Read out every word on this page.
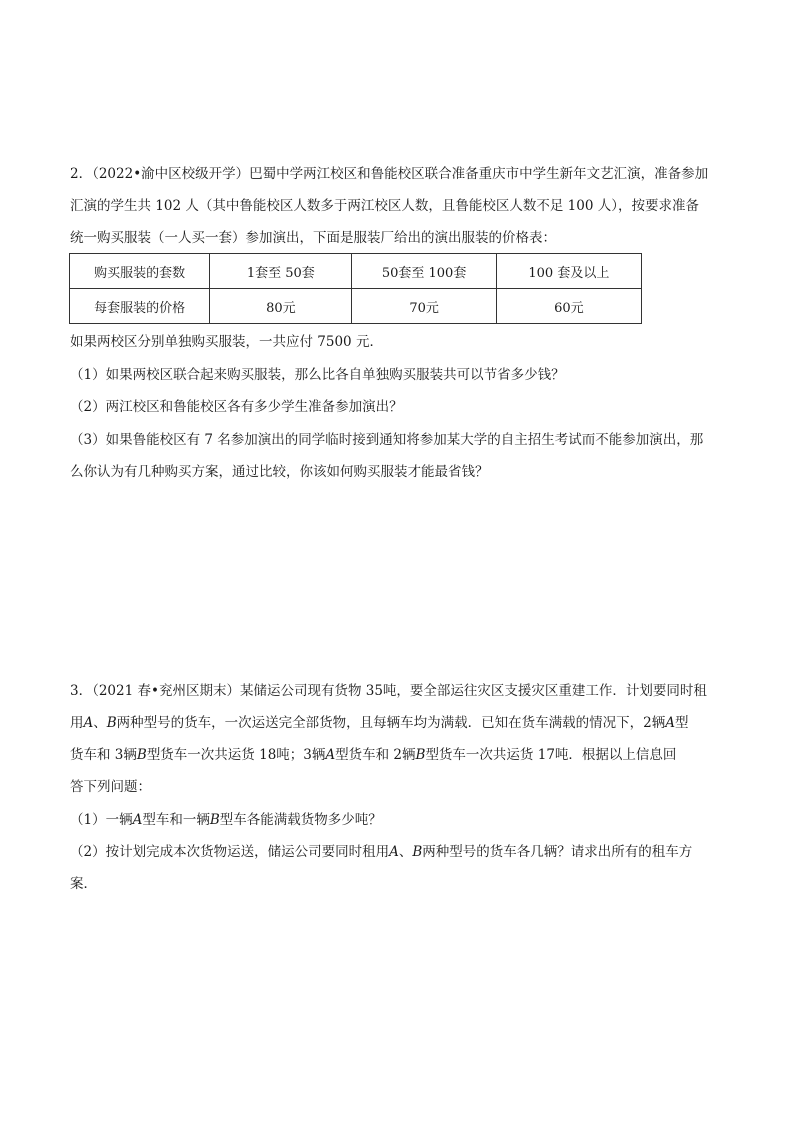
2．（2022•渝中区校级开学）巴蜀中学两江校区和鲁能校区联合准备重庆市中学生新年文艺汇演，准备参加
汇演的学生共 102 人（其中鲁能校区人数多于两江校区人数，且鲁能校区人数不足 100 人），按要求准备
统一购买服装（一人买一套）参加演出，下面是服装厂给出的演出服装的价格表：
购买服装的套数	1套至 50套	50套至 100套	100 套及以上
每套服装的价格	80元	70元	60元
如果两校区分别单独购买服装，一共应付 7500 元．
（1）如果两校区联合起来购买服装，那么比各自单独购买服装共可以节省多少钱？
（2）两江校区和鲁能校区各有多少学生准备参加演出？
（3）如果鲁能校区有 7 名参加演出的同学临时接到通知将参加某大学的自主招生考试而不能参加演出，那
么你认为有几种购买方案，通过比较，你该如何购买服装才能最省钱？
3．（2021 春•兖州区期末）某储运公司现有货物 35吨，要全部运往灾区支援灾区重建工作．计划要同时租
用A、B两种型号的货车，一次运送完全部货物，且每辆车均为满载．已知在货车满载的情况下，2辆A型
货车和 3辆B型货车一次共运货 18吨；3辆A型货车和 2辆B型货车一次共运货 17吨．根据以上信息回
答下列问题：
（1）一辆A型车和一辆B型车各能满载货物多少吨？
（2）按计划完成本次货物运送，储运公司要同时租用A、B两种型号的货车各几辆？请求出所有的租车方
案．
